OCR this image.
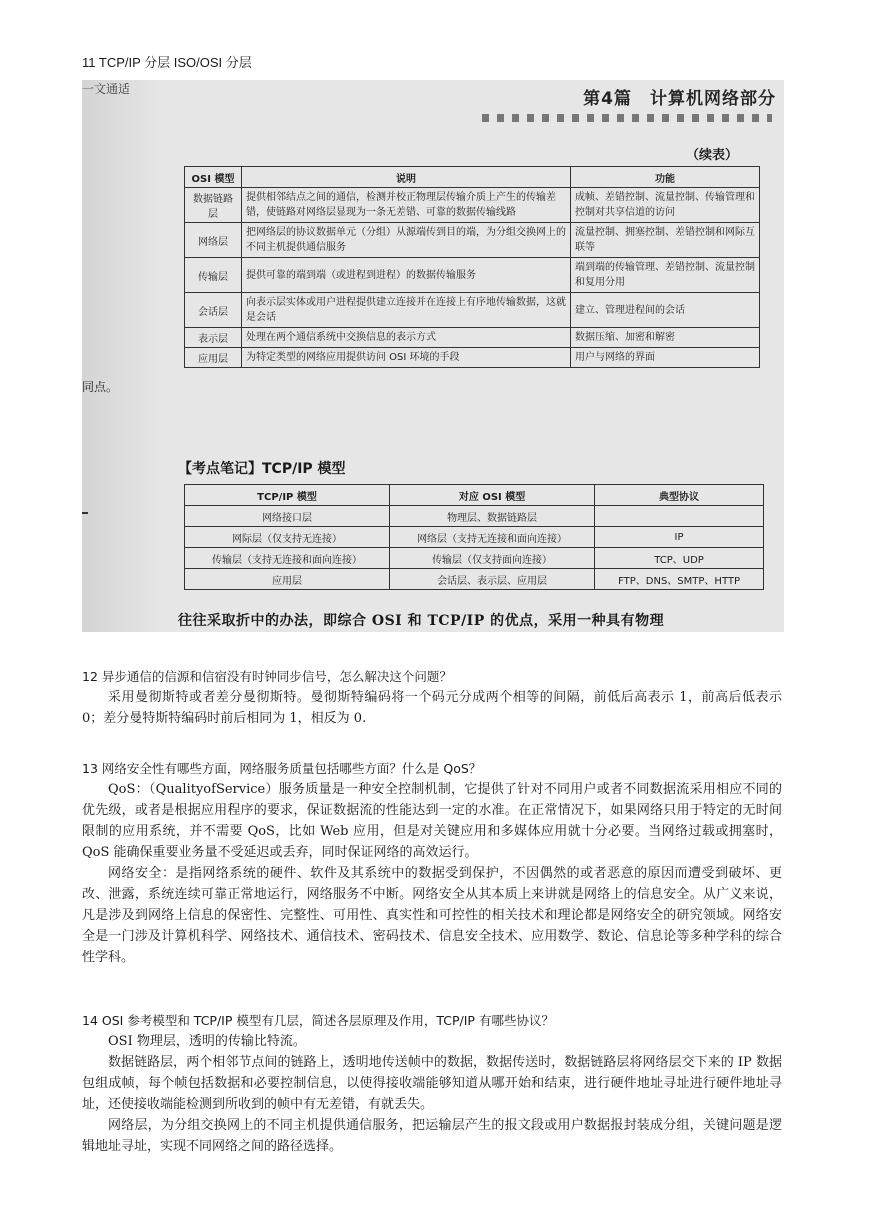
11 TCP/IP 分层 ISO/OSI 分层
一文通适	第4篇　计算机网络部分
（续表）
同点。
OSI 模型	说明	功能
数据链路层	提供相邻结点之间的通信，检测并校正物理层传输介质上产生的传输差错，使链路对网络层显现为一条无差错、可靠的数据传输线路	成帧、差错控制、流量控制、传输管理和控制对共享信道的访问
网络层	把网络层的协议数据单元（分组）从源端传到目的端，为分组交换网上的不同主机提供通信服务	流量控制、拥塞控制、差错控制和网际互联等
传输层	提供可靠的端到端（或进程到进程）的数据传输服务	端到端的传输管理、差错控制、流量控制和复用分用
会话层	向表示层实体或用户进程提供建立连接并在连接上有序地传输数据，这就是会话	建立、管理进程间的会话
表示层	处理在两个通信系统中交换信息的表示方式	数据压缩、加密和解密
应用层	为特定类型的网络应用提供访问 OSI 环境的手段	用户与网络的界面
【考点笔记】TCP/IP 模型
TCP/IP 模型	对应 OSI 模型	典型协议
网络接口层	物理层、数据链路层	
网际层（仅支持无连接）	网络层（支持无连接和面向连接）	IP
传输层（支持无连接和面向连接）	传输层（仅支持面向连接）	TCP、UDP
应用层	会话层、表示层、应用层	FTP、DNS、SMTP、HTTP
往往采取折中的办法，即综合 OSI 和 TCP/IP 的优点，采用一种具有物理

12 异步通信的信源和信宿没有时钟同步信号，怎么解决这个问题？

采用曼彻斯特或者差分曼彻斯特。曼彻斯特编码将一个码元分成两个相等的间隔，前低后高表示 1，前高后低表示 0；差分曼特斯特编码时前后相同为 1，相反为 0.

13 网络安全性有哪些方面，网络服务质量包括哪些方面？什么是 QoS？

QoS：（QualityofService）服务质量是一种安全控制机制，它提供了针对不同用户或者不同数据流采用相应不同的优先级，或者是根据应用程序的要求，保证数据流的性能达到一定的水准。在正常情况下，如果网络只用于特定的无时间限制的应用系统，并不需要 QoS，比如 Web 应用，但是对关键应用和多媒体应用就十分必要。当网络过载或拥塞时，QoS 能确保重要业务量不受延迟或丢弃，同时保证网络的高效运行。

网络安全：是指网络系统的硬件、软件及其系统中的数据受到保护，不因偶然的或者恶意的原因而遭受到破坏、更改、泄露，系统连续可靠正常地运行，网络服务不中断。网络安全从其本质上来讲就是网络上的信息安全。从广义来说，凡是涉及到网络上信息的保密性、完整性、可用性、真实性和可控性的相关技术和理论都是网络安全的研究领域。网络安全是一门涉及计算机科学、网络技术、通信技术、密码技术、信息安全技术、应用数学、数论、信息论等多种学科的综合性学科。

14 OSI 参考模型和 TCP/IP 模型有几层，简述各层原理及作用，TCP/IP 有哪些协议？

OSI 物理层，透明的传输比特流。

数据链路层，两个相邻节点间的链路上，透明地传送帧中的数据，数据传送时，数据链路层将网络层交下来的 IP 数据包组成帧，每个帧包括数据和必要控制信息，以使得接收端能够知道从哪开始和结束，进行硬件地址寻址进行硬件地址寻址，还使接收端能检测到所收到的帧中有无差错，有就丢失。

网络层，为分组交换网上的不同主机提供通信服务，把运输层产生的报文段或用户数据报封装成分组，关键问题是逻辑地址寻址，实现不同网络之间的路径选择。
